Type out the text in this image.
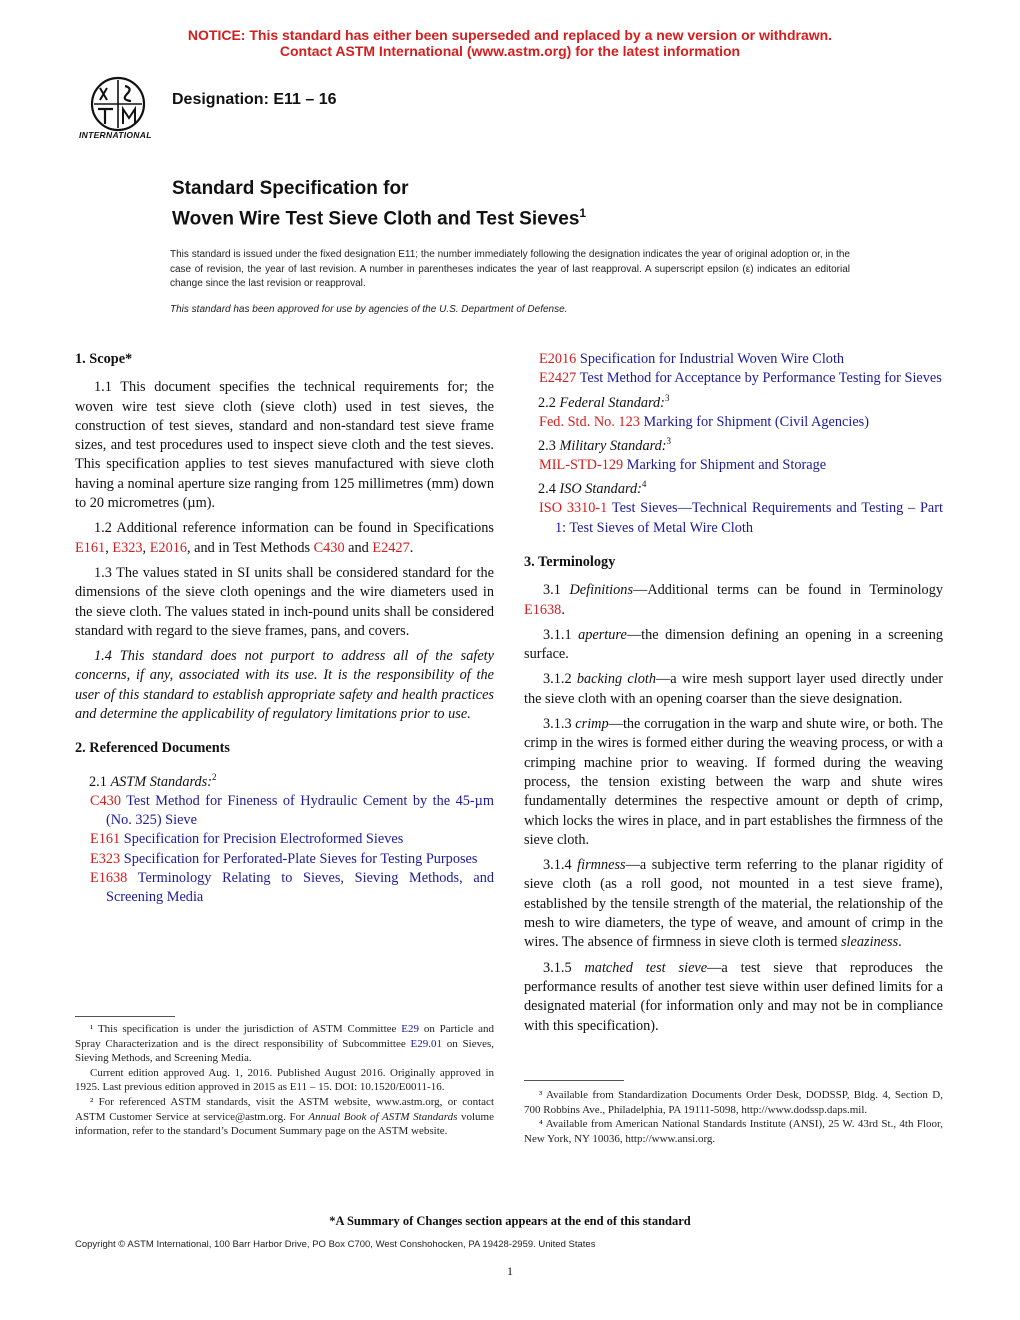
NOTICE: This standard has either been superseded and replaced by a new version or withdrawn.
Contact ASTM International (www.astm.org) for the latest information
INTERNATIONAL
Designation: E11 – 16
Standard Specification for
Woven Wire Test Sieve Cloth and Test Sieves$^1$
This standard is issued under the fixed designation E11; the number immediately following the designation indicates the year of original adoption or, in the case of revision, the year of last revision. A number in parentheses indicates the year of last reapproval. A superscript epsilon (ε) indicates an editorial change since the last revision or reapproval.
This standard has been approved for use by agencies of the U.S. Department of Defense.
1. Scope*
1.1 This document specifies the technical requirements for; the woven wire test sieve cloth (sieve cloth) used in test sieves, the construction of test sieves, standard and non-standard test sieve frame sizes, and test procedures used to inspect sieve cloth and the test sieves. This specification applies to test sieves manufactured with sieve cloth having a nominal aperture size ranging from 125 millimetres (mm) down to 20 micrometres (µm).
1.2 Additional reference information can be found in Specifications E161, E323, E2016, and in Test Methods C430 and E2427.
1.3 The values stated in SI units shall be considered standard for the dimensions of the sieve cloth openings and the wire diameters used in the sieve cloth. The values stated in inch-pound units shall be considered standard with regard to the sieve frames, pans, and covers.
1.4 This standard does not purport to address all of the safety concerns, if any, associated with its use. It is the responsibility of the user of this standard to establish appropriate safety and health practices and determine the applicability of regulatory limitations prior to use.
2. Referenced Documents
2.1 ASTM Standards:$^2$
C430 Test Method for Fineness of Hydraulic Cement by the 45-µm (No. 325) Sieve
E161 Specification for Precision Electroformed Sieves
E323 Specification for Perforated-Plate Sieves for Testing Purposes
E1638 Terminology Relating to Sieves, Sieving Methods, and Screening Media

¹ This specification is under the jurisdiction of ASTM Committee E29 on Particle and Spray Characterization and is the direct responsibility of Subcommittee E29.01 on Sieves, Sieving Methods, and Screening Media.

Current edition approved Aug. 1, 2016. Published August 2016. Originally approved in 1925. Last previous edition approved in 2015 as E11 – 15. DOI: 10.1520/E0011-16.

² For referenced ASTM standards, visit the ASTM website, www.astm.org, or contact ASTM Customer Service at service@astm.org. For Annual Book of ASTM Standards volume information, refer to the standard’s Document Summary page on the ASTM website.

E2016 Specification for Industrial Woven Wire Cloth
E2427 Test Method for Acceptance by Performance Testing for Sieves
2.2 Federal Standard:$^3$
Fed. Std. No. 123 Marking for Shipment (Civil Agencies)
2.3 Military Standard:$^3$
MIL-STD-129 Marking for Shipment and Storage
2.4 ISO Standard:$^4$
ISO 3310-1 Test Sieves—Technical Requirements and Testing – Part 1: Test Sieves of Metal Wire Cloth
3. Terminology
3.1 Definitions—Additional terms can be found in Terminology E1638.
3.1.1 aperture—the dimension defining an opening in a screening surface.
3.1.2 backing cloth—a wire mesh support layer used directly under the sieve cloth with an opening coarser than the sieve designation.
3.1.3 crimp—the corrugation in the warp and shute wire, or both. The crimp in the wires is formed either during the weaving process, or with a crimping machine prior to weaving. If formed during the weaving process, the tension existing between the warp and shute wires fundamentally determines the respective amount or depth of crimp, which locks the wires in place, and in part establishes the firmness of the sieve cloth.
3.1.4 firmness—a subjective term referring to the planar rigidity of sieve cloth (as a roll good, not mounted in a test sieve frame), established by the tensile strength of the material, the relationship of the mesh to wire diameters, the type of weave, and amount of crimp in the wires. The absence of firmness in sieve cloth is termed sleaziness.
3.1.5 matched test sieve—a test sieve that reproduces the performance results of another test sieve within user defined limits for a designated material (for information only and may not be in compliance with this specification).

³ Available from Standardization Documents Order Desk, DODSSP, Bldg. 4, Section D, 700 Robbins Ave., Philadelphia, PA 19111-5098, http://www.dodssp.daps.mil.

⁴ Available from American National Standards Institute (ANSI), 25 W. 43rd St., 4th Floor, New York, NY 10036, http://www.ansi.org.

*A Summary of Changes section appears at the end of this standard
Copyright © ASTM International, 100 Barr Harbor Drive, PO Box C700, West Conshohocken, PA 19428-2959. United States
1
